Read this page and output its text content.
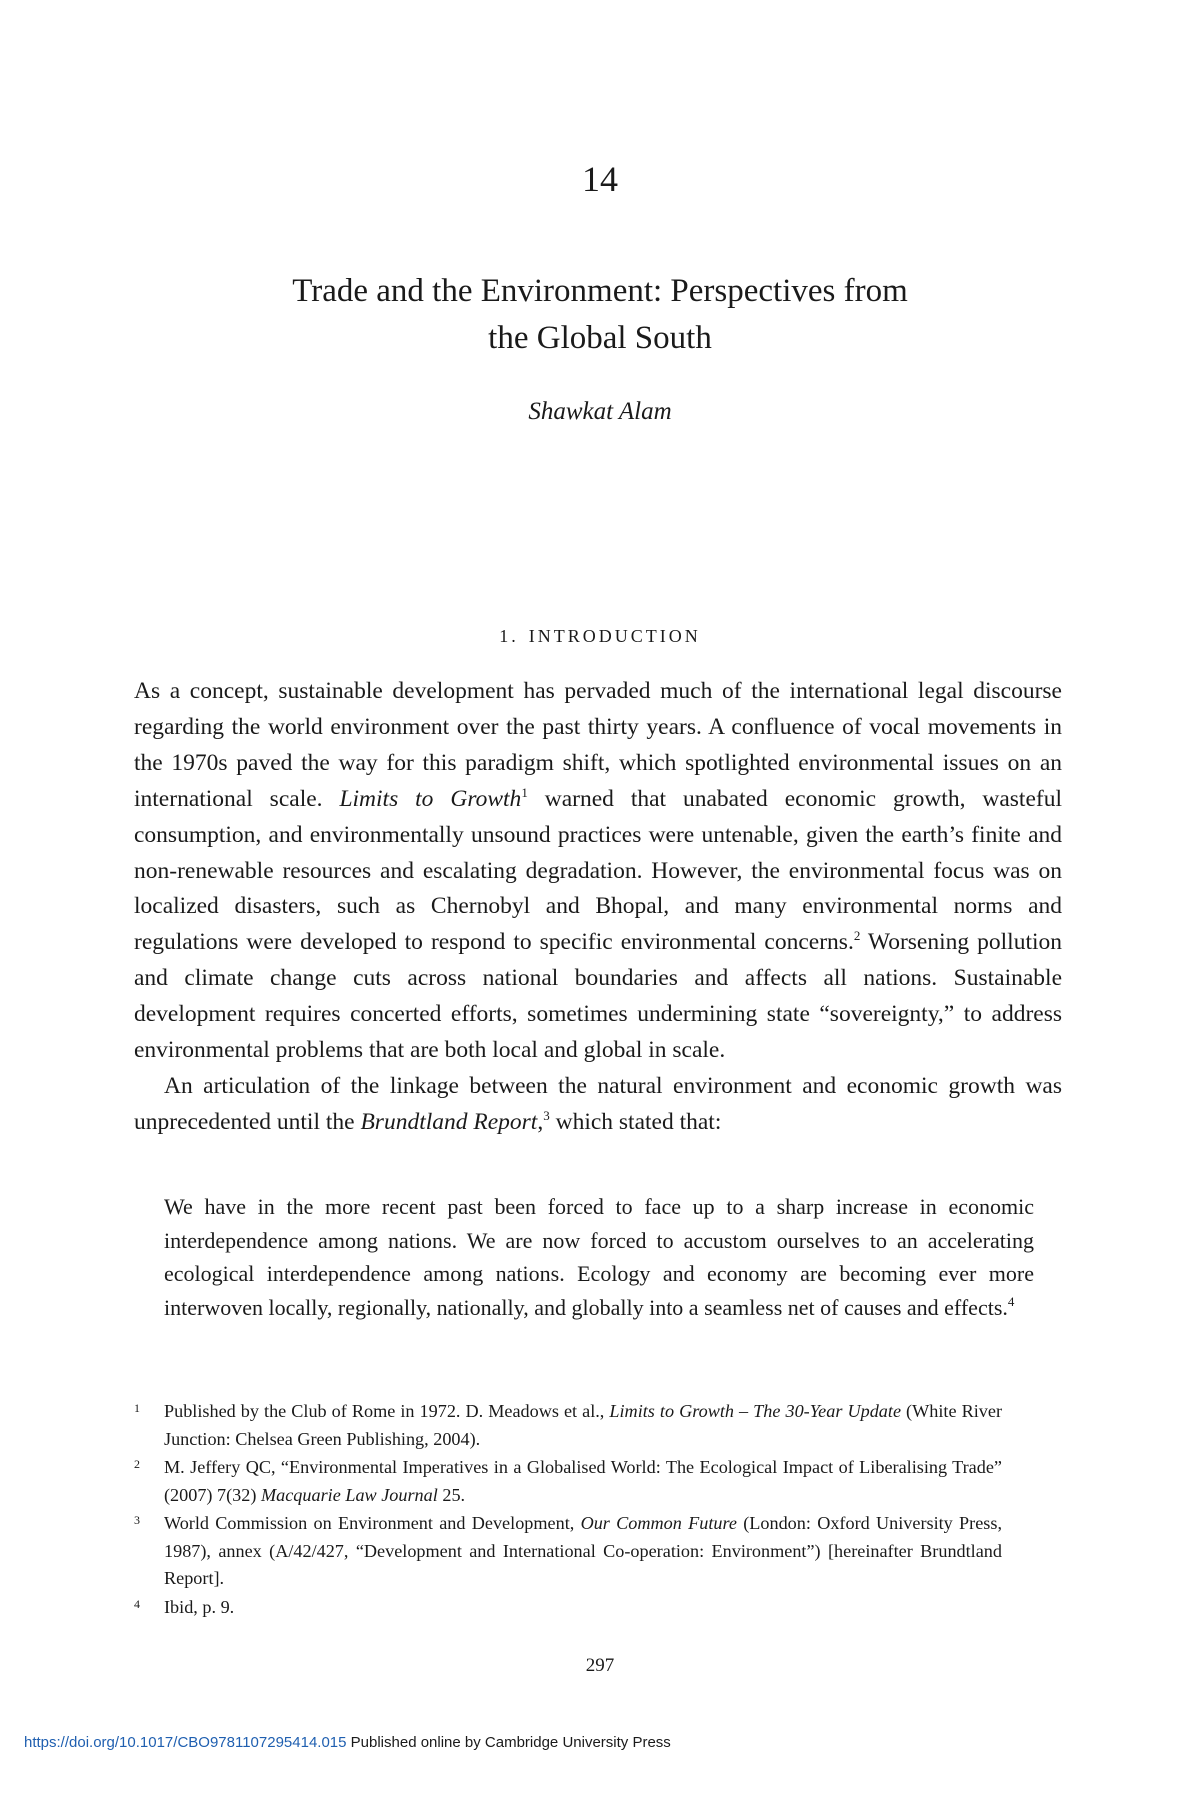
14
Trade and the Environment: Perspectives from
the Global South
Shawkat Alam
1. INTRODUCTION

As a concept, sustainable development has pervaded much of the international legal discourse regarding the world environment over the past thirty years. A confluence of vocal movements in the 1970s paved the way for this paradigm shift, which spotlighted environmental issues on an international scale. Limits to Growth$^1$ warned that unabated economic growth, wasteful consumption, and environmentally unsound practices were untenable, given the earth’s finite and non-renewable resources and escalating degradation. However, the environmental focus was on localized disasters, such as Chernobyl and Bhopal, and many environmental norms and regulations were developed to respond to specific environmental concerns.$^2$ Worsening pollution and climate change cuts across national boundaries and affects all nations. Sustainable development requires concerted efforts, sometimes undermining state “sovereignty,” to address environmental problems that are both local and global in scale.

An articulation of the linkage between the natural environment and economic growth was unprecedented until the Brundtland Report,$^3$ which stated that:

We have in the more recent past been forced to face up to a sharp increase in economic interdependence among nations. We are now forced to accustom ourselves to an accelerating ecological interdependence among nations. Ecology and economy are becoming ever more interwoven locally, regionally, nationally, and globally into a seamless net of causes and effects.$^4$

1 Published by the Club of Rome in 1972. D. Meadows et al., Limits to Growth – The 30-Year Update (White River Junction: Chelsea Green Publishing, 2004).
2 M. Jeffery QC, “Environmental Imperatives in a Globalised World: The Ecological Impact of Liberalising Trade” (2007) 7(32) Macquarie Law Journal 25.
3 World Commission on Environment and Development, Our Common Future (London: Oxford University Press, 1987), annex (A/42/427, “Development and International Co-operation: Environment”) [hereinafter Brundtland Report].
4 Ibid, p. 9.
297
https://doi.org/10.1017/CBO9781107295414.015 Published online by Cambridge University Press
